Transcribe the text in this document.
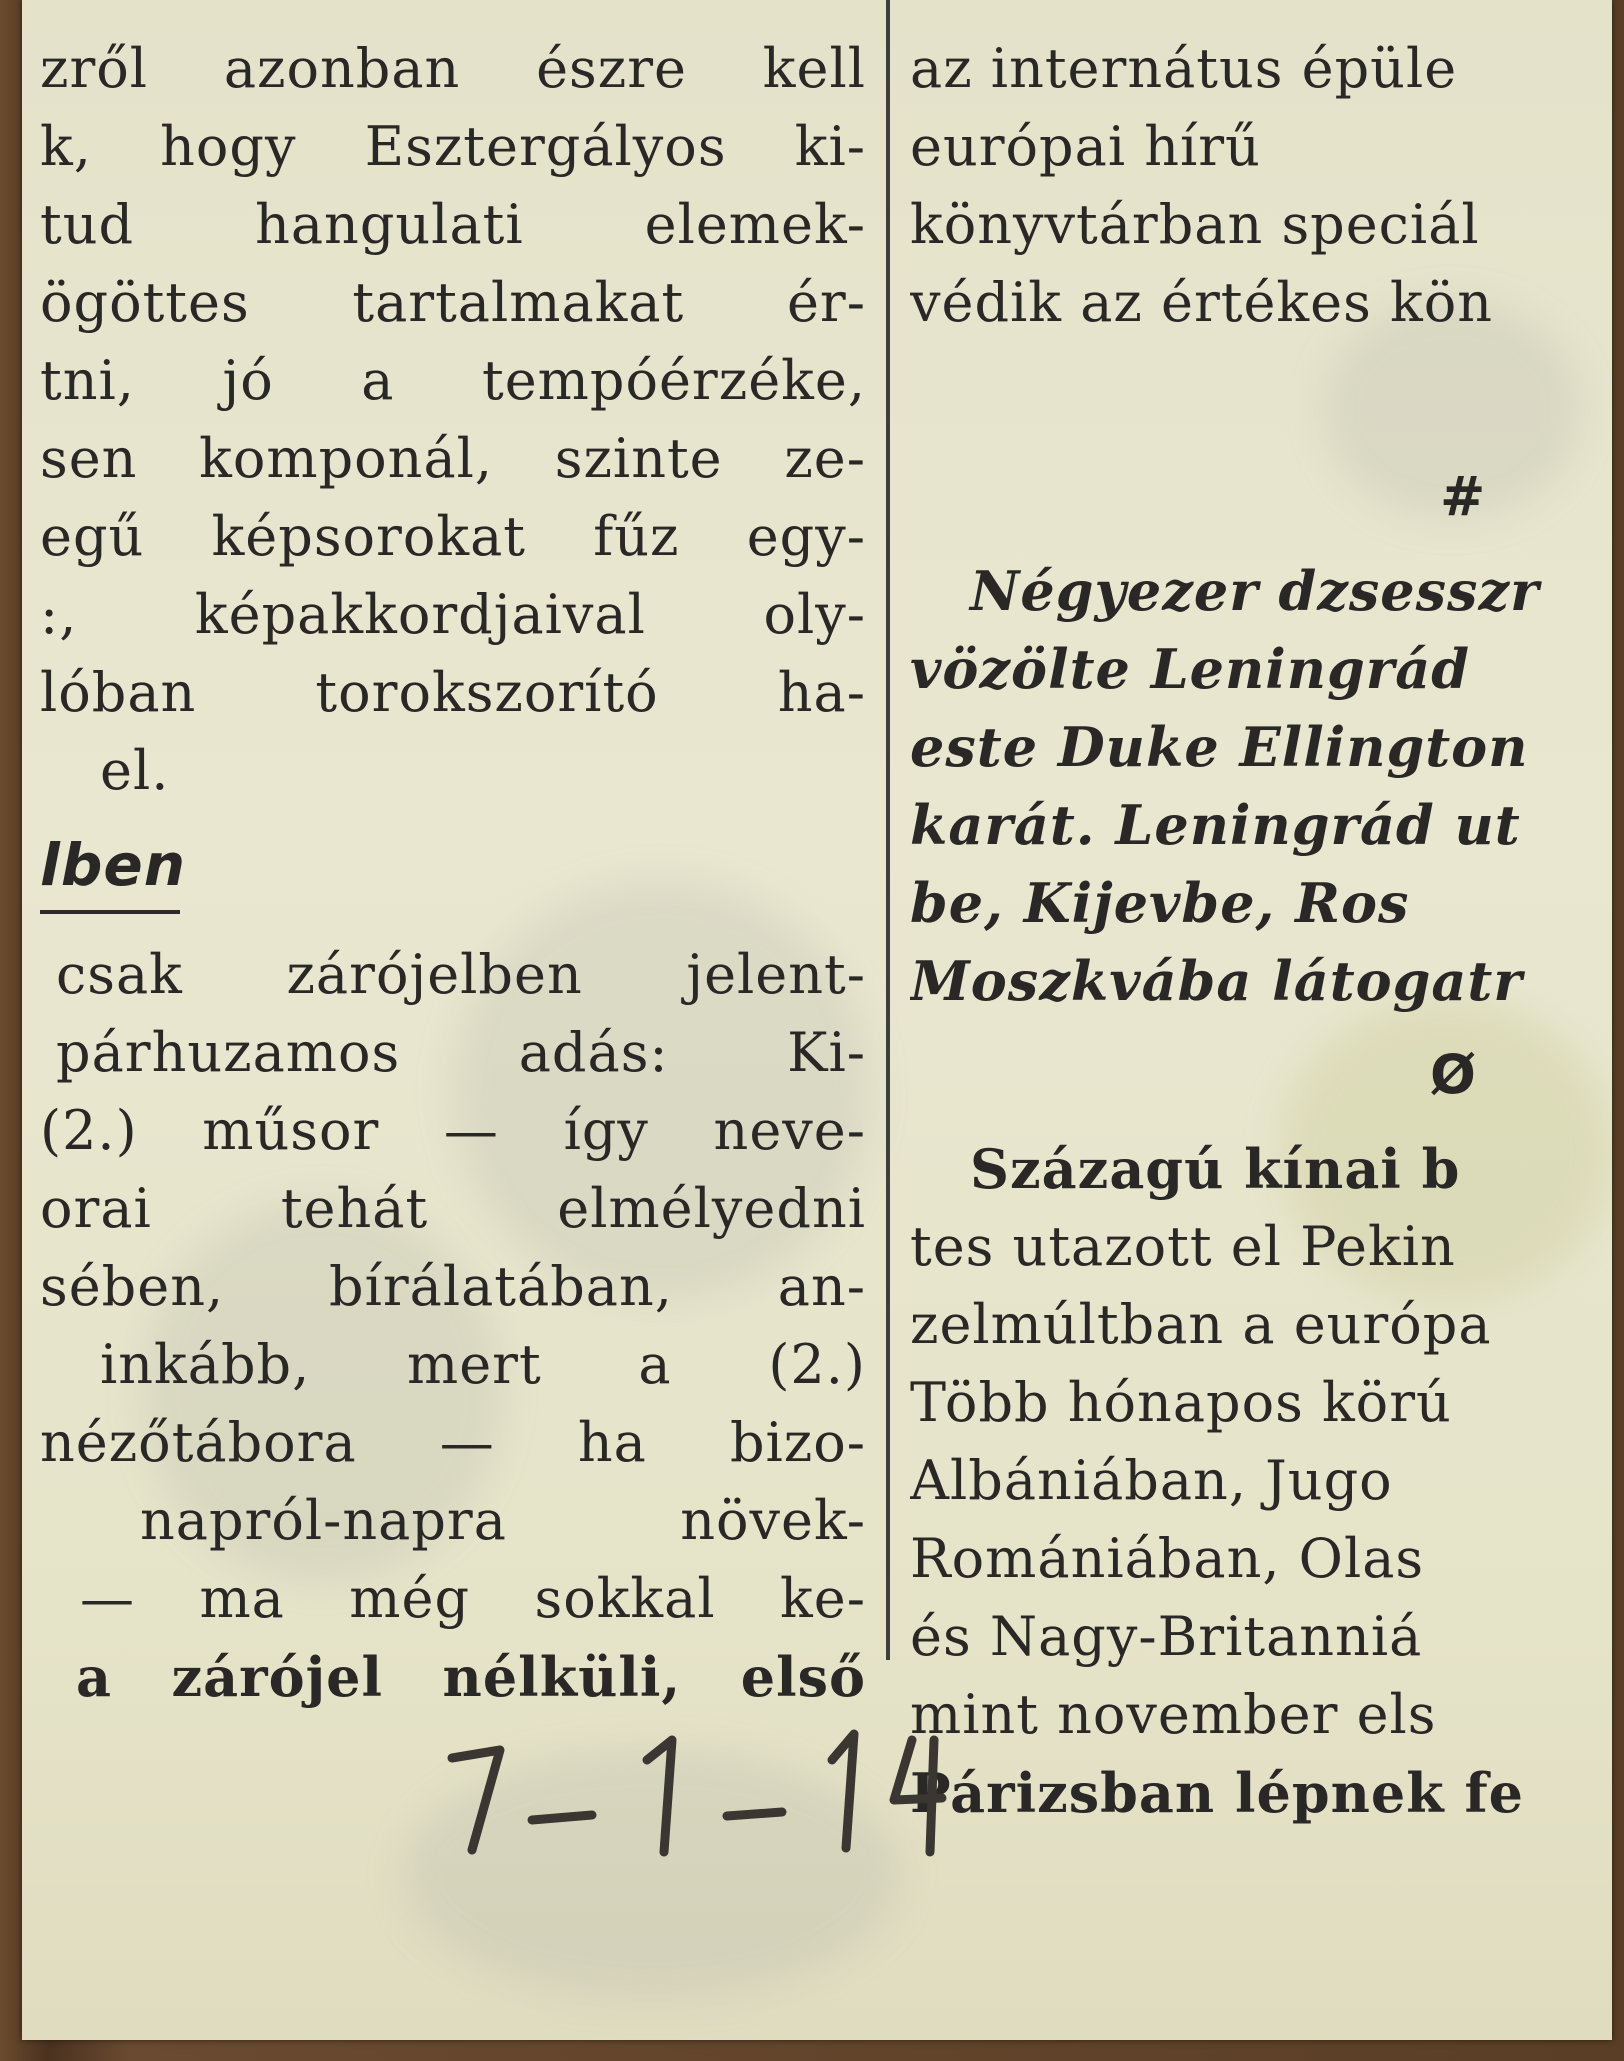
zről azonban észre kell
k, hogy Esztergályos ki-
tud hangulati elemek-
ögöttes tartalmakat ér-
tni, jó a tempóérzéke,
sen komponál, szinte ze-
egű képsorokat fűz egy-
:, képakkordjaival oly-
lóban torokszorító ha-
el.
lben
csak zárójelben jelent-
párhuzamos adás: Ki-
(2.) műsor — így neve-
orai tehát elmélyedni
sében, bírálatában, an-
inkább, mert a (2.)
nézőtábora — ha bizo-
napról-napra növek-
— ma még sokkal ke-
a zárójel nélküli, első
az internátus épüle
európai hírű
könyvtárban speciál
védik az értékes kön
#
Négyezer dzsesszr
vözölte Leningrád
este Duke Ellington
karát. Leningrád ut
be, Kijevbe, Ros
Moszkvába látogatr
Ø
Százagú kínai b
tes utazott el Pekin
zelmúltban a európa
Több hónapos körú
Albániában, Jugo
Romániában, Olas
és Nagy-Britanniá
mint november els
Párizsban lépnek fe
